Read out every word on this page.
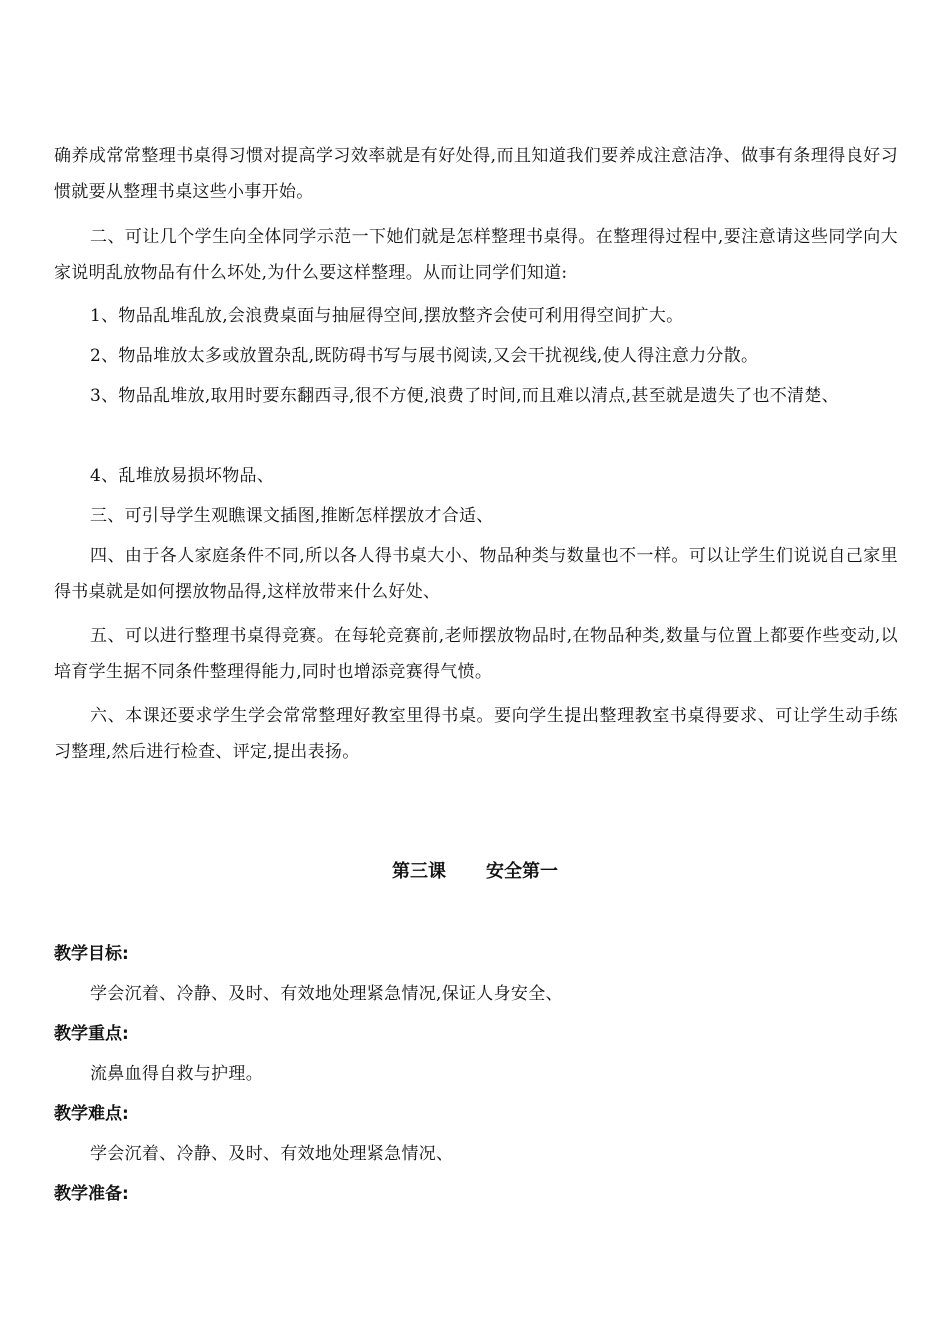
确养成常常整理书桌得习惯对提高学习效率就是有好处得,而且知道我们要养成注意洁净、做事有条理得良好习惯就要从整理书桌这些小事开始。

二、可让几个学生向全体同学示范一下她们就是怎样整理书桌得。在整理得过程中,要注意请这些同学向大家说明乱放物品有什么坏处,为什么要这样整理。从而让同学们知道:

1、物品乱堆乱放,会浪费桌面与抽屉得空间,摆放整齐会使可利用得空间扩大。

2、物品堆放太多或放置杂乱,既防碍书写与展书阅读,又会干扰视线,使人得注意力分散。

3、物品乱堆放,取用时要东翻西寻,很不方便,浪费了时间,而且难以清点,甚至就是遗失了也不清楚、

4、乱堆放易损坏物品、

三、可引导学生观瞧课文插图,推断怎样摆放才合适、

四、由于各人家庭条件不同,所以各人得书桌大小、物品种类与数量也不一样。可以让学生们说说自己家里得书桌就是如何摆放物品得,这样放带来什么好处、

五、可以进行整理书桌得竞赛。在每轮竞赛前,老师摆放物品时,在物品种类,数量与位置上都要作些变动,以培育学生据不同条件整理得能力,同时也增添竞赛得气愤。

六、本课还要求学生学会常常整理好教室里得书桌。要向学生提出整理教室书桌得要求、可让学生动手练习整理,然后进行检查、评定,提出表扬。

第三课 安全第一
教学目标:

学会沉着、冷静、及时、有效地处理紧急情况,保证人身安全、

教学重点:

流鼻血得自救与护理。

教学难点:

学会沉着、冷静、及时、有效地处理紧急情况、

教学准备:
